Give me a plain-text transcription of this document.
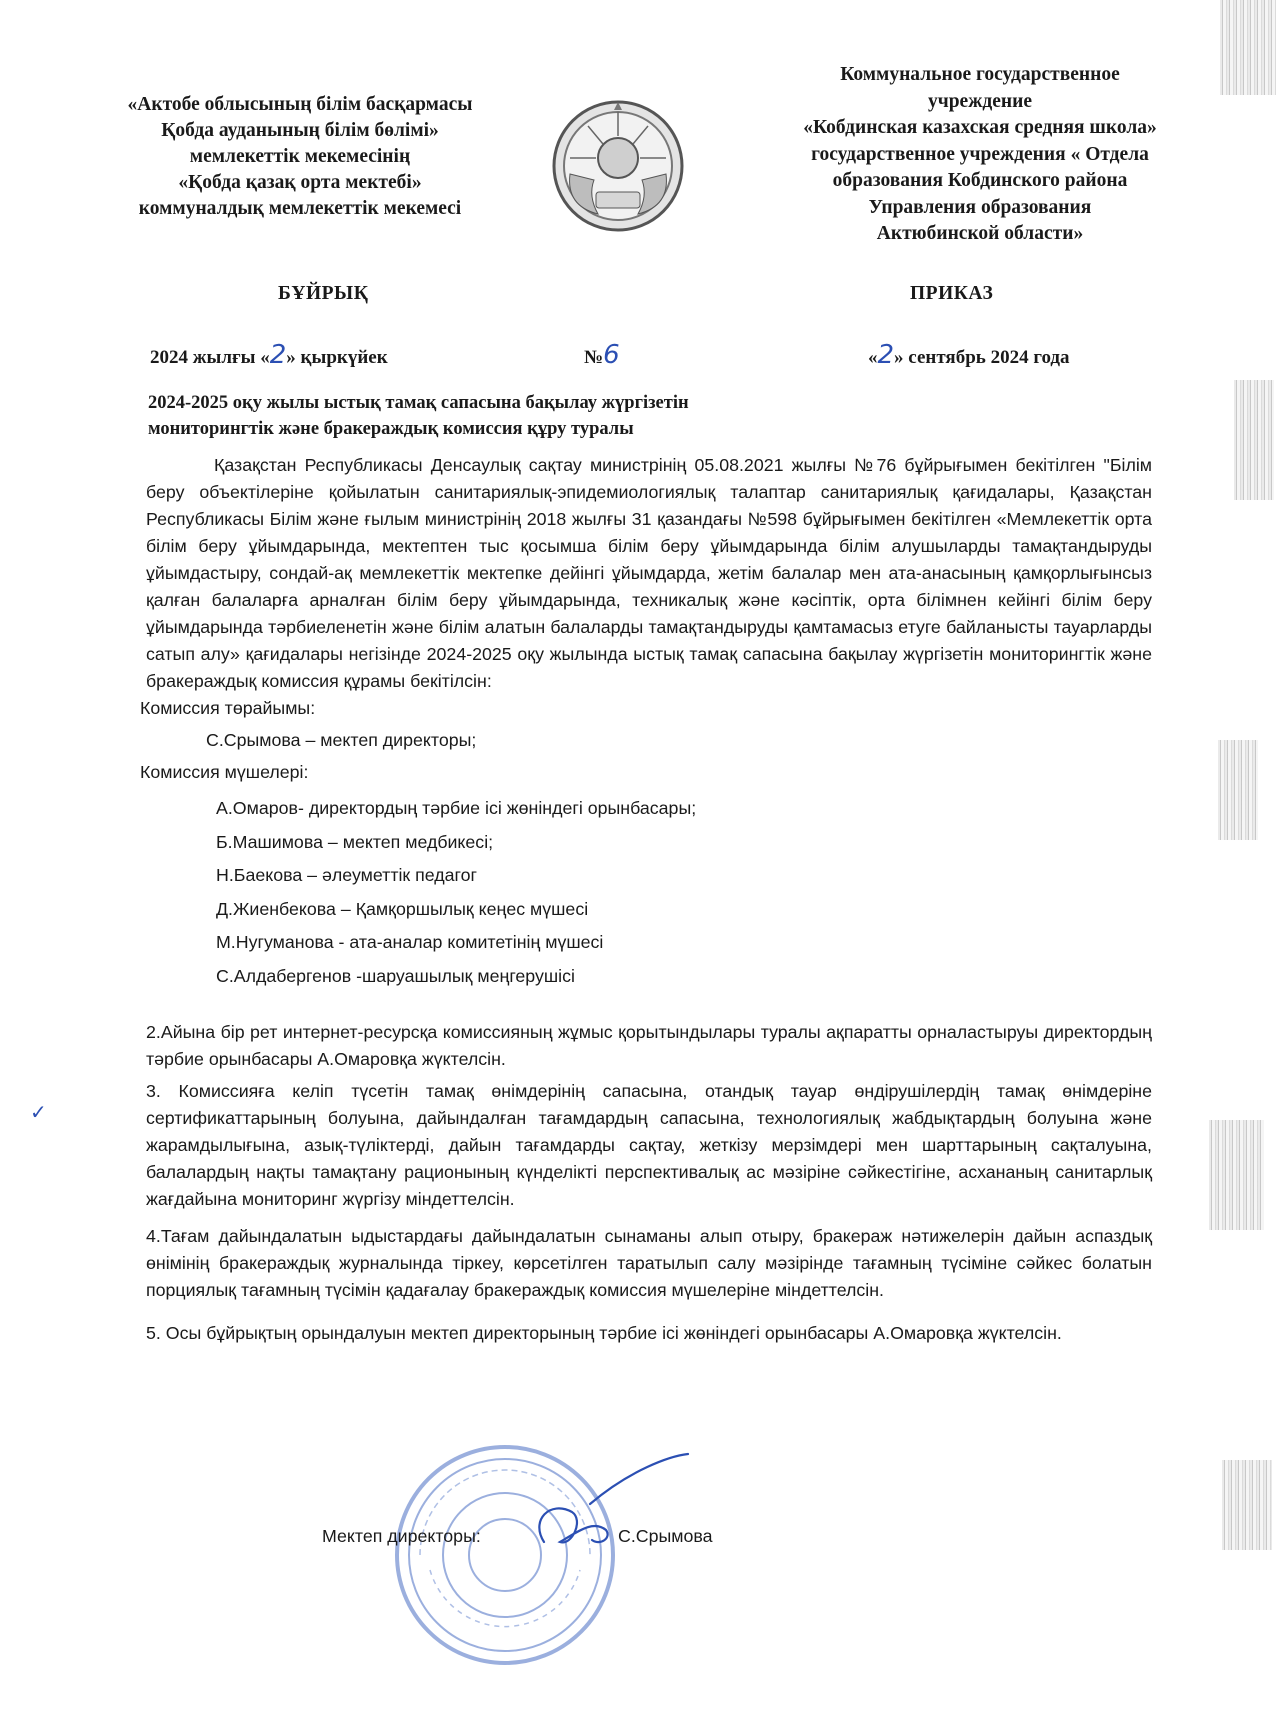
«Актобе облысының білім басқармасы
Қобда ауданының білім бөлімі»
мемлекеттік мекемесінің
«Қобда қазақ орта мектебі»
коммуналдық мемлекеттік мекемесі
Коммунальное государственное
учреждение
«Кобдинская казахская средняя школа»
государственное учреждения « Отдела
образования Кобдинского района
Управления образования
Актюбинской области»
БҰЙРЫҚ	ПРИКАЗ
2024 жылғы «2» қыркүйек	№6	«2» сентябрь 2024 года
2024-2025 оқу жылы ыстық тамақ сапасына бақылау жүргізетін
мониторингтік және бракераждық комиссия құру туралы

Қазақстан Республикасы Денсаулық сақтау министрінің 05.08.2021 жылғы №76 бұйрығымен бекітілген "Білім беру объектілеріне қойылатын санитариялық-эпидемиологиялық талаптар санитариялық қағидалары, Қазақстан Республикасы Білім және ғылым министрінің 2018 жылғы 31 қазандағы №598 бұйрығымен бекітілген «Мемлекеттік орта білім беру ұйымдарында, мектептен тыс қосымша білім беру ұйымдарында білім алушыларды тамақтандыруды ұйымдастыру, сондай-ақ мемлекеттік мектепке дейінгі ұйымдарда, жетім балалар мен ата-анасының қамқорлығынсыз қалған балаларға арналған білім беру ұйымдарында, техникалық және кәсіптік, орта білімнен кейінгі білім беру ұйымдарында тәрбиеленетін және білім алатын балаларды тамақтандыруды қамтамасыз етуге байланысты тауарларды сатып алу» қағидалары негізінде 2024-2025 оқу жылында ыстық тамақ сапасына бақылау жүргізетін мониторингтік және бракераждық комиссия құрамы бекітілсін:

Комиссия төрайымы:

С.Срымова – мектеп директоры;

Комиссия мүшелері:

А.Омаров- директордың тәрбие ісі жөніндегі орынбасары;
Б.Машимова – мектеп медбикесі;
Н.Баекова – әлеуметтік педагог
Д.Жиенбекова – Қамқоршылық кеңес мүшесі
М.Нугуманова - ата-аналар комитетінің мүшесі
С.Алдабергенов -шаруашылық меңгерушісі

2.Айына бір рет интернет-ресурсқа комиссияның жұмыс қорытындылары туралы ақпаратты орналастыруы директордың тәрбие орынбасары А.Омаровқа жүктелсін.

3. Комиссияға келіп түсетін тамақ өнімдерінің сапасына, отандық тауар өндірушілердің тамақ өнімдеріне сертификаттарының болуына, дайындалған тағамдардың сапасына, технологиялық жабдықтардың болуына және жарамдылығына, азық-түліктерді, дайын тағамдарды сақтау, жеткізу мерзімдері мен шарттарының сақталуына, балалардың нақты тамақтану рационының күнделікті перспективалық ас мәзіріне сәйкестігіне, асхананың санитарлық жағдайына мониторинг жүргізу міндеттелсін.

4.Тағам дайындалатын ыдыстардағы дайындалатын сынаманы алып отыру, бракераж нәтижелерін дайын аспаздық өнімінің бракераждық журналында тіркеу, көрсетілген таратылып салу мәзірінде тағамның түсіміне сәйкес болатын порциялық тағамның түсімін қадағалау бракераждық комиссия мүшелеріне міндеттелсін.

5. Осы бұйрықтың орындалуын мектеп директорының тәрбие ісі жөніндегі орынбасары А.Омаровқа жүктелсін.

Мектеп директоры:	С.Срымова
✓
